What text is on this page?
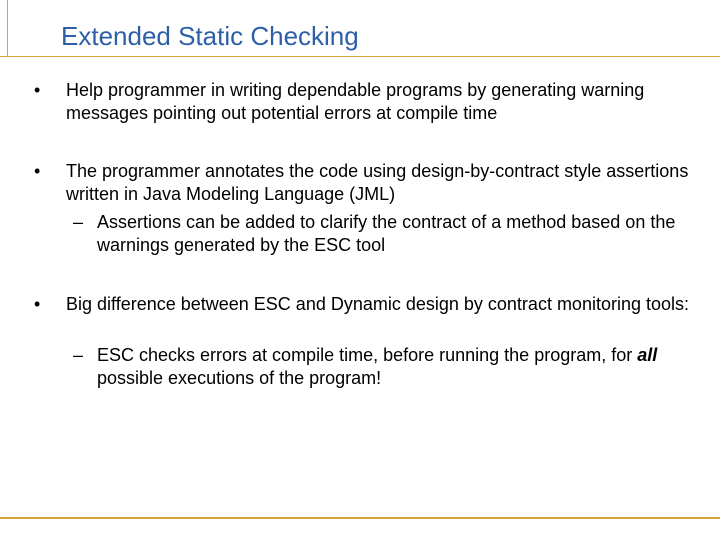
Extended Static Checking
• Help programmer in writing dependable programs by generating warning messages pointing out potential errors at compile time
• The programmer annotates the code using design-by-contract style assertions written in Java Modeling Language (JML)
– Assertions can be added to clarify the contract of a method based on the warnings generated by the ESC tool
• Big difference between ESC and Dynamic design by contract monitoring tools:
– ESC checks errors at compile time, before running the program, for all possible executions of the program!
